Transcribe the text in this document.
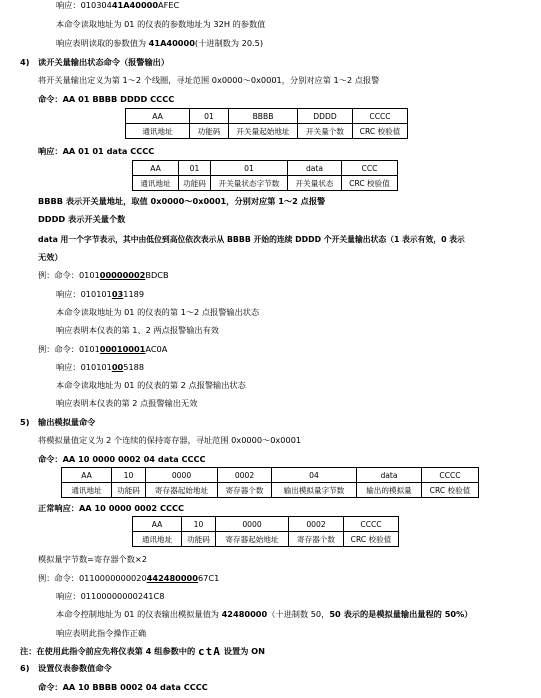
响应：01030441A40000AFEC
本命令读取地址为 01 的仪表的参数地址为 32H 的参数值
响应表明读取的参数值为 41A40000(十进制数为 20.5)
4) 读开关量输出状态命令（报警输出）
将开关量输出定义为第 1～2 个线圈，寻址范围 0x0000～0x0001，分别对应第 1～2 点报警
命令：AA 01 BBBB DDDD CCCC
AA	01	BBBB	DDDD	CCCC
通讯地址	功能码	开关量起始地址	开关量个数	CRC 校验值
响应：AA 01 01 data CCCC
AA	01	01	data	CCC
通讯地址	功能码	开关量状态字节数	开关量状态	CRC 校验值
BBBB 表示开关量地址，取值 0x0000～0x0001，分别对应第 1～2 点报警
DDDD 表示开关量个数
data 用一个字节表示，其中由低位到高位依次表示从 BBBB 开始的连续 DDDD 个开关量输出状态（1 表示有效，0 表示
无效）
例：命令：010100000002BDCB
响应：010101031189
本命令读取地址为 01 的仪表的第 1～2 点报警输出状态
响应表明本仪表的第 1、2 两点报警输出有效
例：命令：010100010001AC0A
响应：010101005188
本命令读取地址为 01 的仪表的第 2 点报警输出状态
响应表明本仪表的第 2 点报警输出无效
5) 输出模拟量命令
将模拟量值定义为 2 个连续的保持寄存器，寻址范围 0x0000～0x0001
命令：AA 10 0000 0002 04 data CCCC
AA	10	0000	0002	04	data	CCCC
通讯地址	功能码	寄存器起始地址	寄存器个数	输出模拟量字节数	输出的模拟量	CRC 校验值
正常响应：AA 10 0000 0002 CCCC
AA	10	0000	0002	CCCC
通讯地址	功能码	寄存器起始地址	寄存器个数	CRC 校验值
模拟量字节数=寄存器个数×2
例：命令：011000000002044248000067C1
响应：01100000000241C8
本命令控制地址为 01 的仪表输出模拟量值为 42480000（十进制数 50，50 表示的是模拟量输出量程的 50%）
响应表明此指令操作正确
注：在使用此指令前应先将仪表第 4 组参数中的 ctA 设置为 ON
6) 设置仪表参数值命令
命令：AA 10 BBBB 0002 04 data CCCC
